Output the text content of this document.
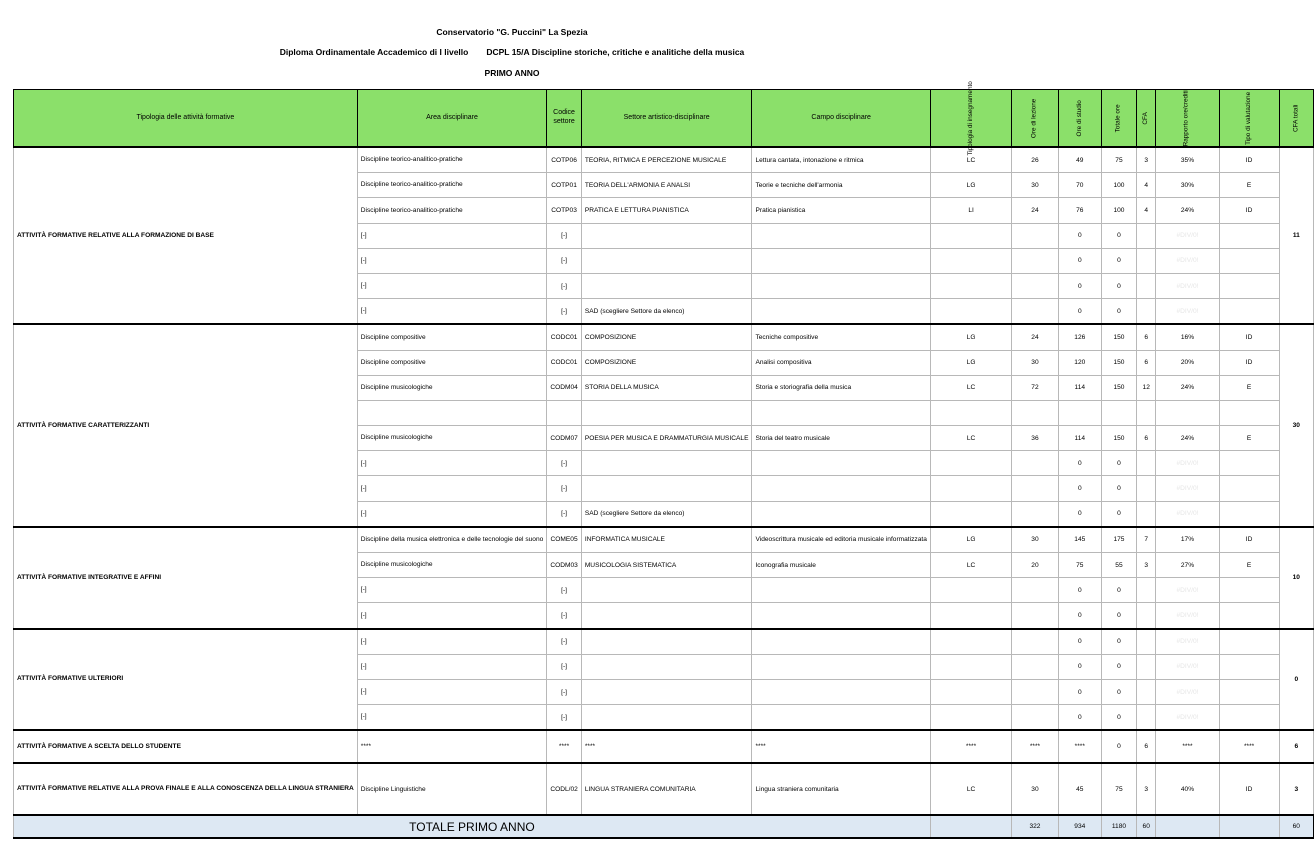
Conservatorio "G. Puccini" La Spezia
Diploma Ordinamentale Accademico di I livello DCPL 15/A Discipline storiche, critiche e analitiche della musica
PRIMO ANNO
Tipologia delle attività formative	Area disciplinare	Codice settore	Settore artistico-disciplinare	Campo disciplinare	Tipologia di insegnamento	Ore di lezione	Ore di studio	Totale ore	CFA	Rapporto ore/crediti	Tipo di valutazione	CFA totali

ATTIVITÀ FORMATIVE RELATIVE ALLA FORMAZIONE DI BASE	Discipline teorico-analitico-pratiche	COTP06	TEORIA, RITMICA E PERCEZIONE MUSICALE	Lettura cantata, intonazione e ritmica	LC	26	49	75	3	35%	ID	11
	Discipline teorico-analitico-pratiche	COTP01	TEORIA DELL'ARMONIA E ANALSI	Teorie e tecniche dell'armonia	LG	30	70	100	4	30%	E	
	Discipline teorico-analitico-pratiche	COTP03	PRATICA E LETTURA PIANISTICA	Pratica pianistica	LI	24	76	100	4	24%	ID	
	[-]	[-]					0	0		#DIV/0!		
	[-]	[-]					0	0		#DIV/0!		
	[-]	[-]					0	0		#DIV/0!		
	[-]	[-]	SAD (scegliere Settore da elenco)				0	0		#DIV/0!		
ATTIVITÀ FORMATIVE CARATTERIZZANTI	Discipline compositive	CODC01	COMPOSIZIONE	Tecniche compositive	LG	24	126	150	6	16%	ID	30
	Discipline compositive	CODC01	COMPOSIZIONE	Analisi compositiva	LG	30	120	150	6	20%	ID	
	Discipline musicologiche	CODM04	STORIA DELLA MUSICA	Storia e storiografia della musica	LC	72	114	150	12	24%	E	

	Discipline musicologiche	CODM07	POESIA PER MUSICA E DRAMMATURGIA MUSICALE	Storia del teatro musicale	LC	36	114	150	6	24%	E	
	[-]	[-]					0	0		#DIV/0!		
	[-]	[-]					0	0		#DIV/0!		
	[-]	[-]	SAD (scegliere Settore da elenco)				0	0		#DIV/0!		
ATTIVITÀ FORMATIVE INTEGRATIVE E AFFINI	Discipline della musica elettronica e delle tecnologie del suono	COME05	INFORMATICA MUSICALE	Videoscrittura musicale ed editoria musicale informatizzata	LG	30	145	175	7	17%	ID	10
	Discipline musicologiche	CODM03	MUSICOLOGIA SISTEMATICA	Iconografia musicale	LC	20	75	55	3	27%	E	
	[-]	[-]					0	0		#DIV/0!		
	[-]	[-]					0	0		#DIV/0!		
ATTIVITÀ FORMATIVE ULTERIORI	[-]	[-]					0	0		#DIV/0!		0
	[-]	[-]					0	0		#DIV/0!		
	[-]	[-]					0	0		#DIV/0!		
	[-]	[-]					0	0		#DIV/0!		
ATTIVITÀ FORMATIVE A SCELTA DELLO STUDENTE	****	****	****	****	****	****	****	0	6	****	****	6
ATTIVITÀ FORMATIVE RELATIVE ALLA PROVA FINALE E ALLA CONOSCENZA DELLA LINGUA STRANIERA	Discipline Linguistiche	CODL/02	LINGUA STRANIERA COMUNITARIA	Lingua straniera comunitaria	LC	30	45	75	3	40%	ID	3
TOTALE PRIMO ANNO						322	934	1180	60			60
